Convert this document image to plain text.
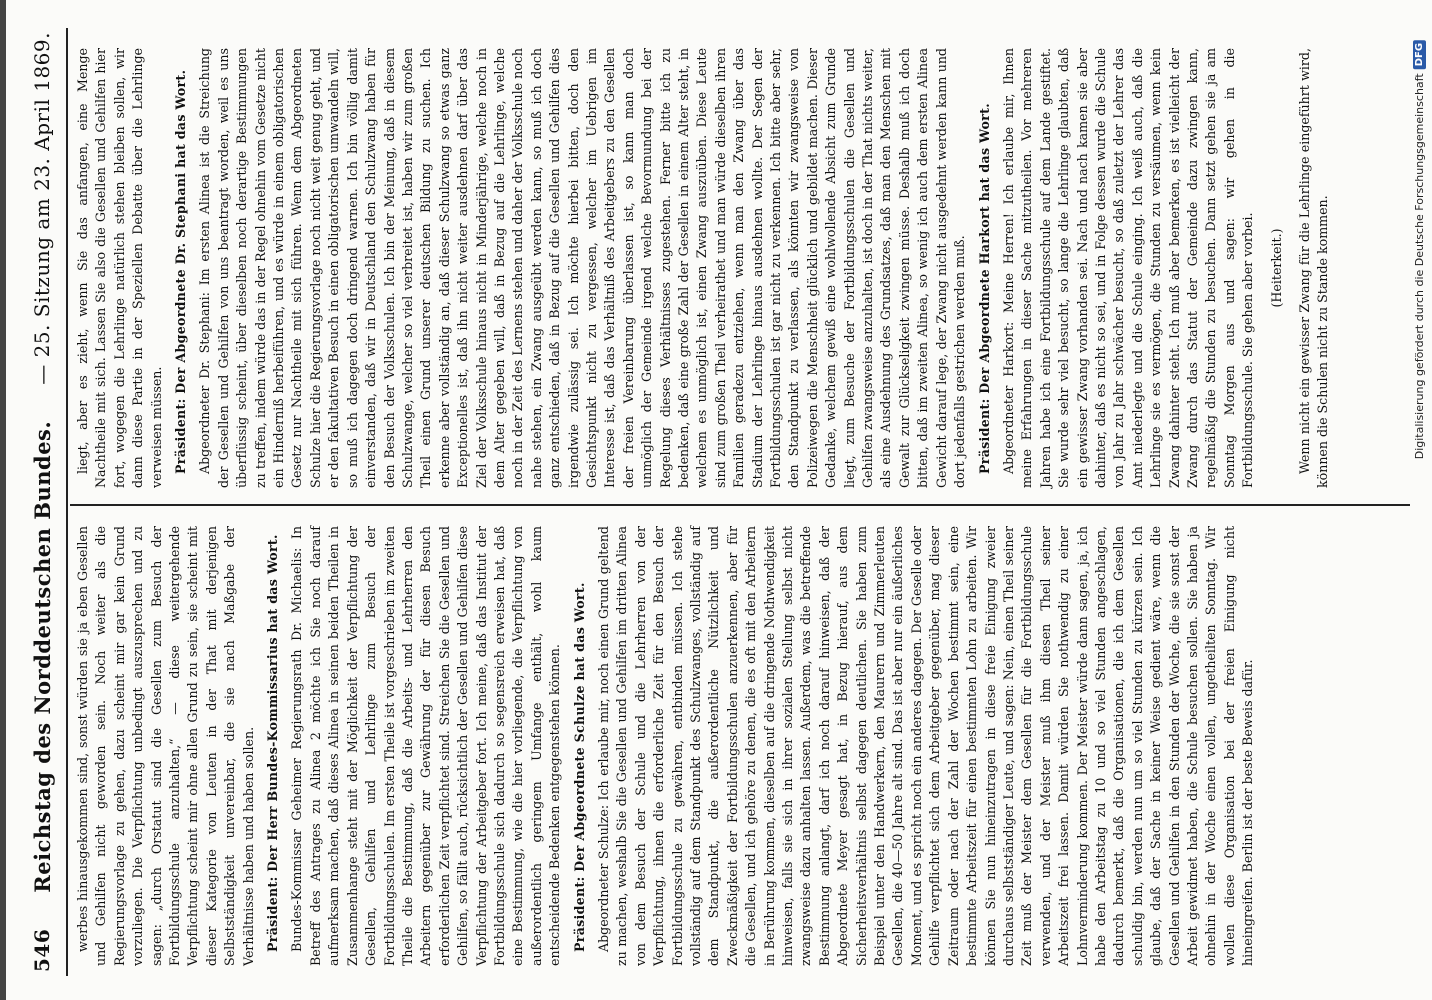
546
Reichstag des Norddeutschen Bundes.
— 25. Sitzung am 23. April 1869.

werbes hinausgekommen sind, sonst würden sie ja eben Gesellen und Gehilfen nicht geworden sein. Noch weiter als die Regierungsvorlage zu gehen, dazu scheint mir gar kein Grund vorzuliegen. Die Verpflichtung unbedingt auszusprechen und zu sagen: „durch Orstatut sind die Gesellen zum Besuch der Fortbildungsschule anzuhalten,“ — diese weitergehende Verpflichtung scheint mir ohne allen Grund zu sein, sie scheint mit dieser Kategorie von Leuten in der That mit derjenigen Selbstständigkeit unvereinbar, die sie nach Maßgabe der Verhältnisse haben und haben sollen. Präsident: Der Herr Bundes-Kommissarius hat das Wort. Bundes-Kommissar Geheimer Regierungsrath Dr. Michaelis: In Betreff des Antrages zu Alinea 2 möchte ich Sie noch darauf aufmerksam machen, daß dieses Alinea in seinen beiden Theilen in Zusammenhange steht mit der Möglichkeit der Verpflichtung der Gesellen, Gehilfen und Lehrlinge zum Besuch der Fortbildungsschulen. Im ersten Theile ist vorgeschrieben im zweiten Theile die Bestimmung, daß die Arbeits- und Lehrherren den Arbeitern gegenüber zur Gewährung der für diesen Besuch erforderlichen Zeit verpflichtet sind. Streichen Sie die Gesellen und Gehilfen, so fällt auch, rücksichtlich der Gesellen und Gehilfen diese Verpflichtung der Arbeitgeber fort. Ich meine, daß das Institut der Fortbildungsschule sich dadurch so segensreich erweisen hat, daß eine Bestimmung, wie die hier vorliegende, die Verpflichtung von außerordentlich geringem Umfange enthält, wohl kaum entscheidende Bedenken entgegenstehen können. Präsident: Der Abgeordnete Schulze hat das Wort. Abgeordneter Schulze: Ich erlaube mir, noch einen Grund geltend zu machen, weshalb Sie die Gesellen und Gehilfen im dritten Alinea von dem Besuch der Schule und die Lehrherren von der Verpflichtung, ihnen die erforderliche Zeit für den Besuch der Fortbildungsschule zu gewähren, entbinden müssen. Ich stehe vollständig auf dem Standpunkt des Schulzwanges, vollständig auf dem Standpunkt, die außerordentliche Nützlichkeit und Zweckmäßigkeit der Fortbildungsschulen anzuerkennen, aber für die Gesellen, und ich gehöre zu denen, die es oft mit den Arbeitern in Berührung kommen, dieselben auf die dringende Nothwendigkeit hinweisen, falls sie sich in ihrer sozialen Stellung selbst nicht zwangsweise dazu anhalten lassen. Außerdem, was die betreffende Bestimmung anlangt, darf ich noch darauf hinweisen, daß der Abgeordnete Meyer gesagt hat, in Bezug hierauf, aus dem Sicherheitsverhältnis selbst dagegen deutlichen. Sie haben zum Beispiel unter den Handwerkern, den Maurern und Zimmerleuten Gesellen, die 40—50 Jahre alt sind. Das ist aber nur ein äußerliches Moment, und es spricht noch ein anderes dagegen. Der Geselle oder Gehilfe verpflichtet sich dem Arbeitgeber gegenüber, mag dieser Zeitraum oder nach der Zahl der Wochen bestimmt sein, eine bestimmte Arbeitszeit für einen bestimmten Lohn zu arbeiten. Wir können Sie nun hineinzutragen in diese freie Einigung zweier durchaus selbstständiger Leute, und sagen: Nein, einen Theil seiner Zeit muß der Meister dem Gesellen für die Fortbildungsschule verwenden, und der Meister muß ihm diesen Theil seiner Arbeitszeit frei lassen. Damit würden Sie nothwendig zu einer Lohnverminderung kommen. Der Meister würde dann sagen, ja, ich habe den Arbeitstag zu 10 und so viel Stunden angeschlagen, dadurch bemerkt, daß die Organisationen, die ich dem Gesellen schuldig bin, werden nun um so viel Stunden zu kürzen sein. Ich glaube, daß der Sache in keiner Weise gedient wäre, wenn die Gesellen und Gehilfen in den Stunden der Woche, die sie sonst der Arbeit gewidmet haben, die Schule besuchen sollen. Sie haben ja ohnehin in der Woche einen vollen, ungetheilten Sonntag. Wir wollen diese Organisation bei der freien Einigung nicht hineingreifen. Berlin ist der beste Beweis dafür.

liegt, aber es zieht, wenn Sie das anfangen, eine Menge Nachtheile mit sich. Lassen Sie also die Gesellen und Gehilfen hier fort, wogegen die Lehrlinge natürlich stehen bleiben sollen, wir dann diese Partie in der Speziellen Debatte über die Lehrlinge verweisen müssen. Präsident: Der Abgeordnete Dr. Stephani hat das Wort. Abgeordneter Dr. Stephani: Im ersten Alinea ist die Streichung der Gesellen und Gehilfen von uns beantragt worden, weil es uns überflüssig scheint, über dieselben noch derartige Bestimmungen zu treffen, indem würde das in der Regel ohnehin vom Gesetze nicht ein Hinderniß herbeiführen, und es würde in einem obligatorischen Gesetz nur Nachtheile mit sich führen. Wenn dem Abgeordneten Schulze hier die Regierungsvorlage noch nicht weit genug geht, und er den fakultativen Besuch in einen obligatorischen umwandeln will, so muß ich dagegen doch dringend warnen. Ich bin völlig damit einverstanden, daß wir in Deutschland den Schulzwang haben für den Besuch der Volksschulen. Ich bin der Meinung, daß in diesem Schulzwange, welcher so viel verbreitet ist, haben wir zum großen Theil einen Grund unserer deutschen Bildung zu suchen. Ich erkenne aber vollständig an, daß dieser Schulzwang so etwas ganz Exceptionelles ist, daß ihn nicht weiter ausdehnen darf über das Ziel der Volksschule hinaus nicht in Minderjährige, welche noch in dem Alter gegeben will, daß in Bezug auf die Lehrlinge, welche noch in der Zeit des Lernens stehen und daher der Volksschule noch nahe stehen, ein Zwang ausgeübt werden kann, so muß ich doch ganz entschieden, daß in Bezug auf die Gesellen und Gehilfen dies irgendwie zulässig sei. Ich möchte hierbei bitten, doch den Gesichtspunkt nicht zu vergessen, welcher im Uebrigen im Interesse ist, daß das Verhältniß des Arbeitgebers zu den Gesellen der freien Vereinbarung überlassen ist, so kann man doch unmöglich der Gemeinde irgend welche Bevormundung bei der Regelung dieses Verhältnisses zugestehen. Ferner bitte ich zu bedenken, daß eine große Zahl der Gesellen in einem Alter steht, in welchem es unmöglich ist, einen Zwang auszuüben. Diese Leute sind zum großen Theil verheirathet und man würde dieselben ihren Familien geradezu entziehen, wenn man den Zwang über das Stadium der Lehrlinge hinaus ausdehnen wollte. Der Segen der Fortbildungsschulen ist gar nicht zu verkennen. Ich bitte aber sehr, den Standpunkt zu verlassen, als könnten wir zwangsweise von Polizeiwegen die Menschheit glücklich und gebildet machen. Dieser Gedanke, welchem gewiß eine wohlwollende Absicht zum Grunde liegt, zum Besuche der Fortbildungsschulen die Gesellen und Gehilfen zwangsweise anzuhalten, ist doch in der That nichts weiter, als eine Ausdehnung des Grundsatzes, daß man den Menschen mit Gewalt zur Glückseligkeit zwingen müsse. Deshalb muß ich doch bitten, daß im zweiten Alinea, so wenig ich auch dem ersten Alinea Gewicht darauf lege, der Zwang nicht ausgedehnt werden kann und dort jedenfalls gestrichen werden muß. Präsident: Der Abgeordnete Harkort hat das Wort. Abgeordneter Harkort: Meine Herren! Ich erlaube mir, Ihnen meine Erfahrungen in dieser Sache mitzutheilen. Vor mehreren Jahren habe ich eine Fortbildungsschule auf dem Lande gestiftet. Sie wurde sehr viel besucht, so lange die Lehrlinge glaubten, daß ein gewisser Zwang vorhanden sei. Nach und nach kamen sie aber dahinter, daß es nicht so sei, und in Folge dessen wurde die Schule von Jahr zu Jahr schwächer besucht, so daß zuletzt der Lehrer das Amt niederlegte und die Schule einging. Ich weiß auch, daß die Lehrlinge sie es vermögen, die Stunden zu versäumen, wenn kein Zwang dahinter steht. Ich muß aber bemerken, es ist vielleicht der Zwang durch das Statut der Gemeinde dazu zwingen kann, regelmäßig die Stunden zu besuchen. Dann setzt gehen sie ja am Sonntag Morgen aus und sagen: wir gehen in die Fortbildungsschule. Sie gehen aber vorbei. (Heiterkeit.) Wenn nicht ein gewisser Zwang für die Lehrlinge eingeführt wird, können die Schulen nicht zu Stande kommen.	Digitalisierung gefördert durch die Deutsche Forschungsgemeinschaft
DFG
